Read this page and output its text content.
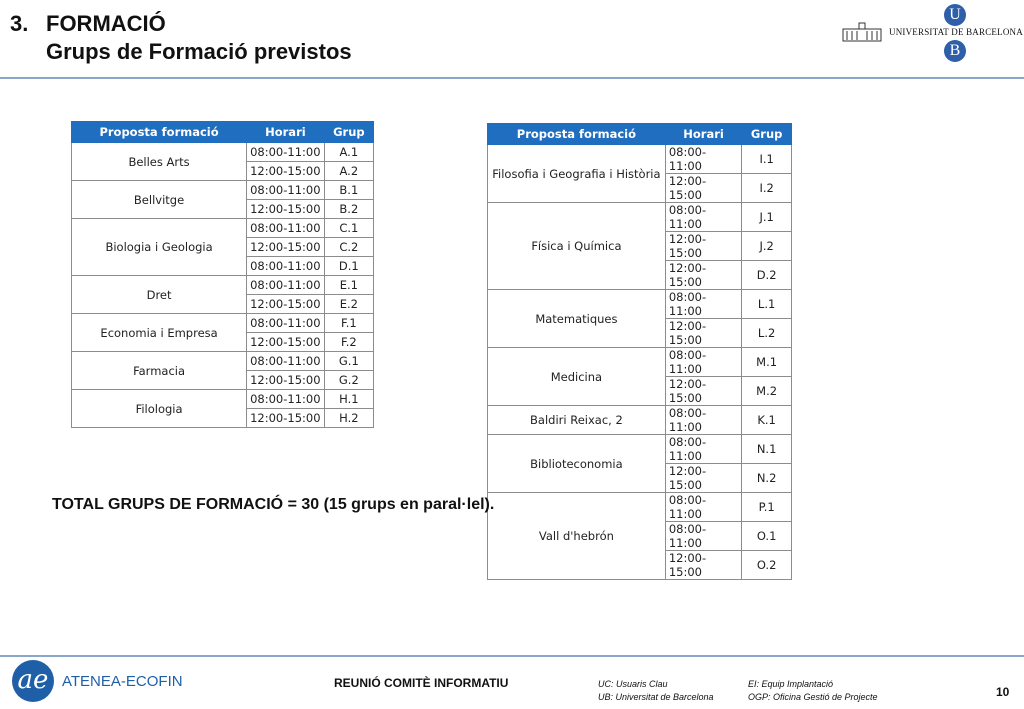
3. FORMACIÓ
Grups de Formació previstos
UNIVERSITAT DE BARCELONA
U
B
Proposta formació	Horari	Grup
Belles Arts	08:00-11:00	A.1
	12:00-15:00	A.2
Bellvitge	08:00-11:00	B.1
	12:00-15:00	B.2
Biologia i Geologia	08:00-11:00	C.1
	12:00-15:00	C.2
	08:00-11:00	D.1
Dret	08:00-11:00	E.1
	12:00-15:00	E.2
Economia i Empresa	08:00-11:00	F.1
	12:00-15:00	F.2
Farmacia	08:00-11:00	G.1
	12:00-15:00	G.2
Filologia	08:00-11:00	H.1
	12:00-15:00	H.2
Proposta formació	Horari	Grup
Filosofia i Geografia i Història	08:00-11:00	I.1
	12:00-15:00	I.2
Física i Química	08:00-11:00	J.1
	12:00-15:00	J.2
	12:00-15:00	D.2
Matematiques	08:00-11:00	L.1
	12:00-15:00	L.2
Medicina	08:00-11:00	M.1
	12:00-15:00	M.2
Baldiri Reixac, 2	08:00-11:00	K.1
Biblioteconomia	08:00-11:00	N.1
	12:00-15:00	N.2
Vall d'hebrón	08:00-11:00	P.1
	08:00-11:00	O.1
	12:00-15:00	O.2
TOTAL GRUPS DE FORMACIÓ = 30 (15 grups en paral·lel).
ae ATENEA-ECOFIN	REUNIÓ COMITÈ INFORMATIU	UC: Usuaris Clau
UB: Universitat de Barcelona
EI: Equip Implantació
OGP: Oficina Gestió de Projecte	10
